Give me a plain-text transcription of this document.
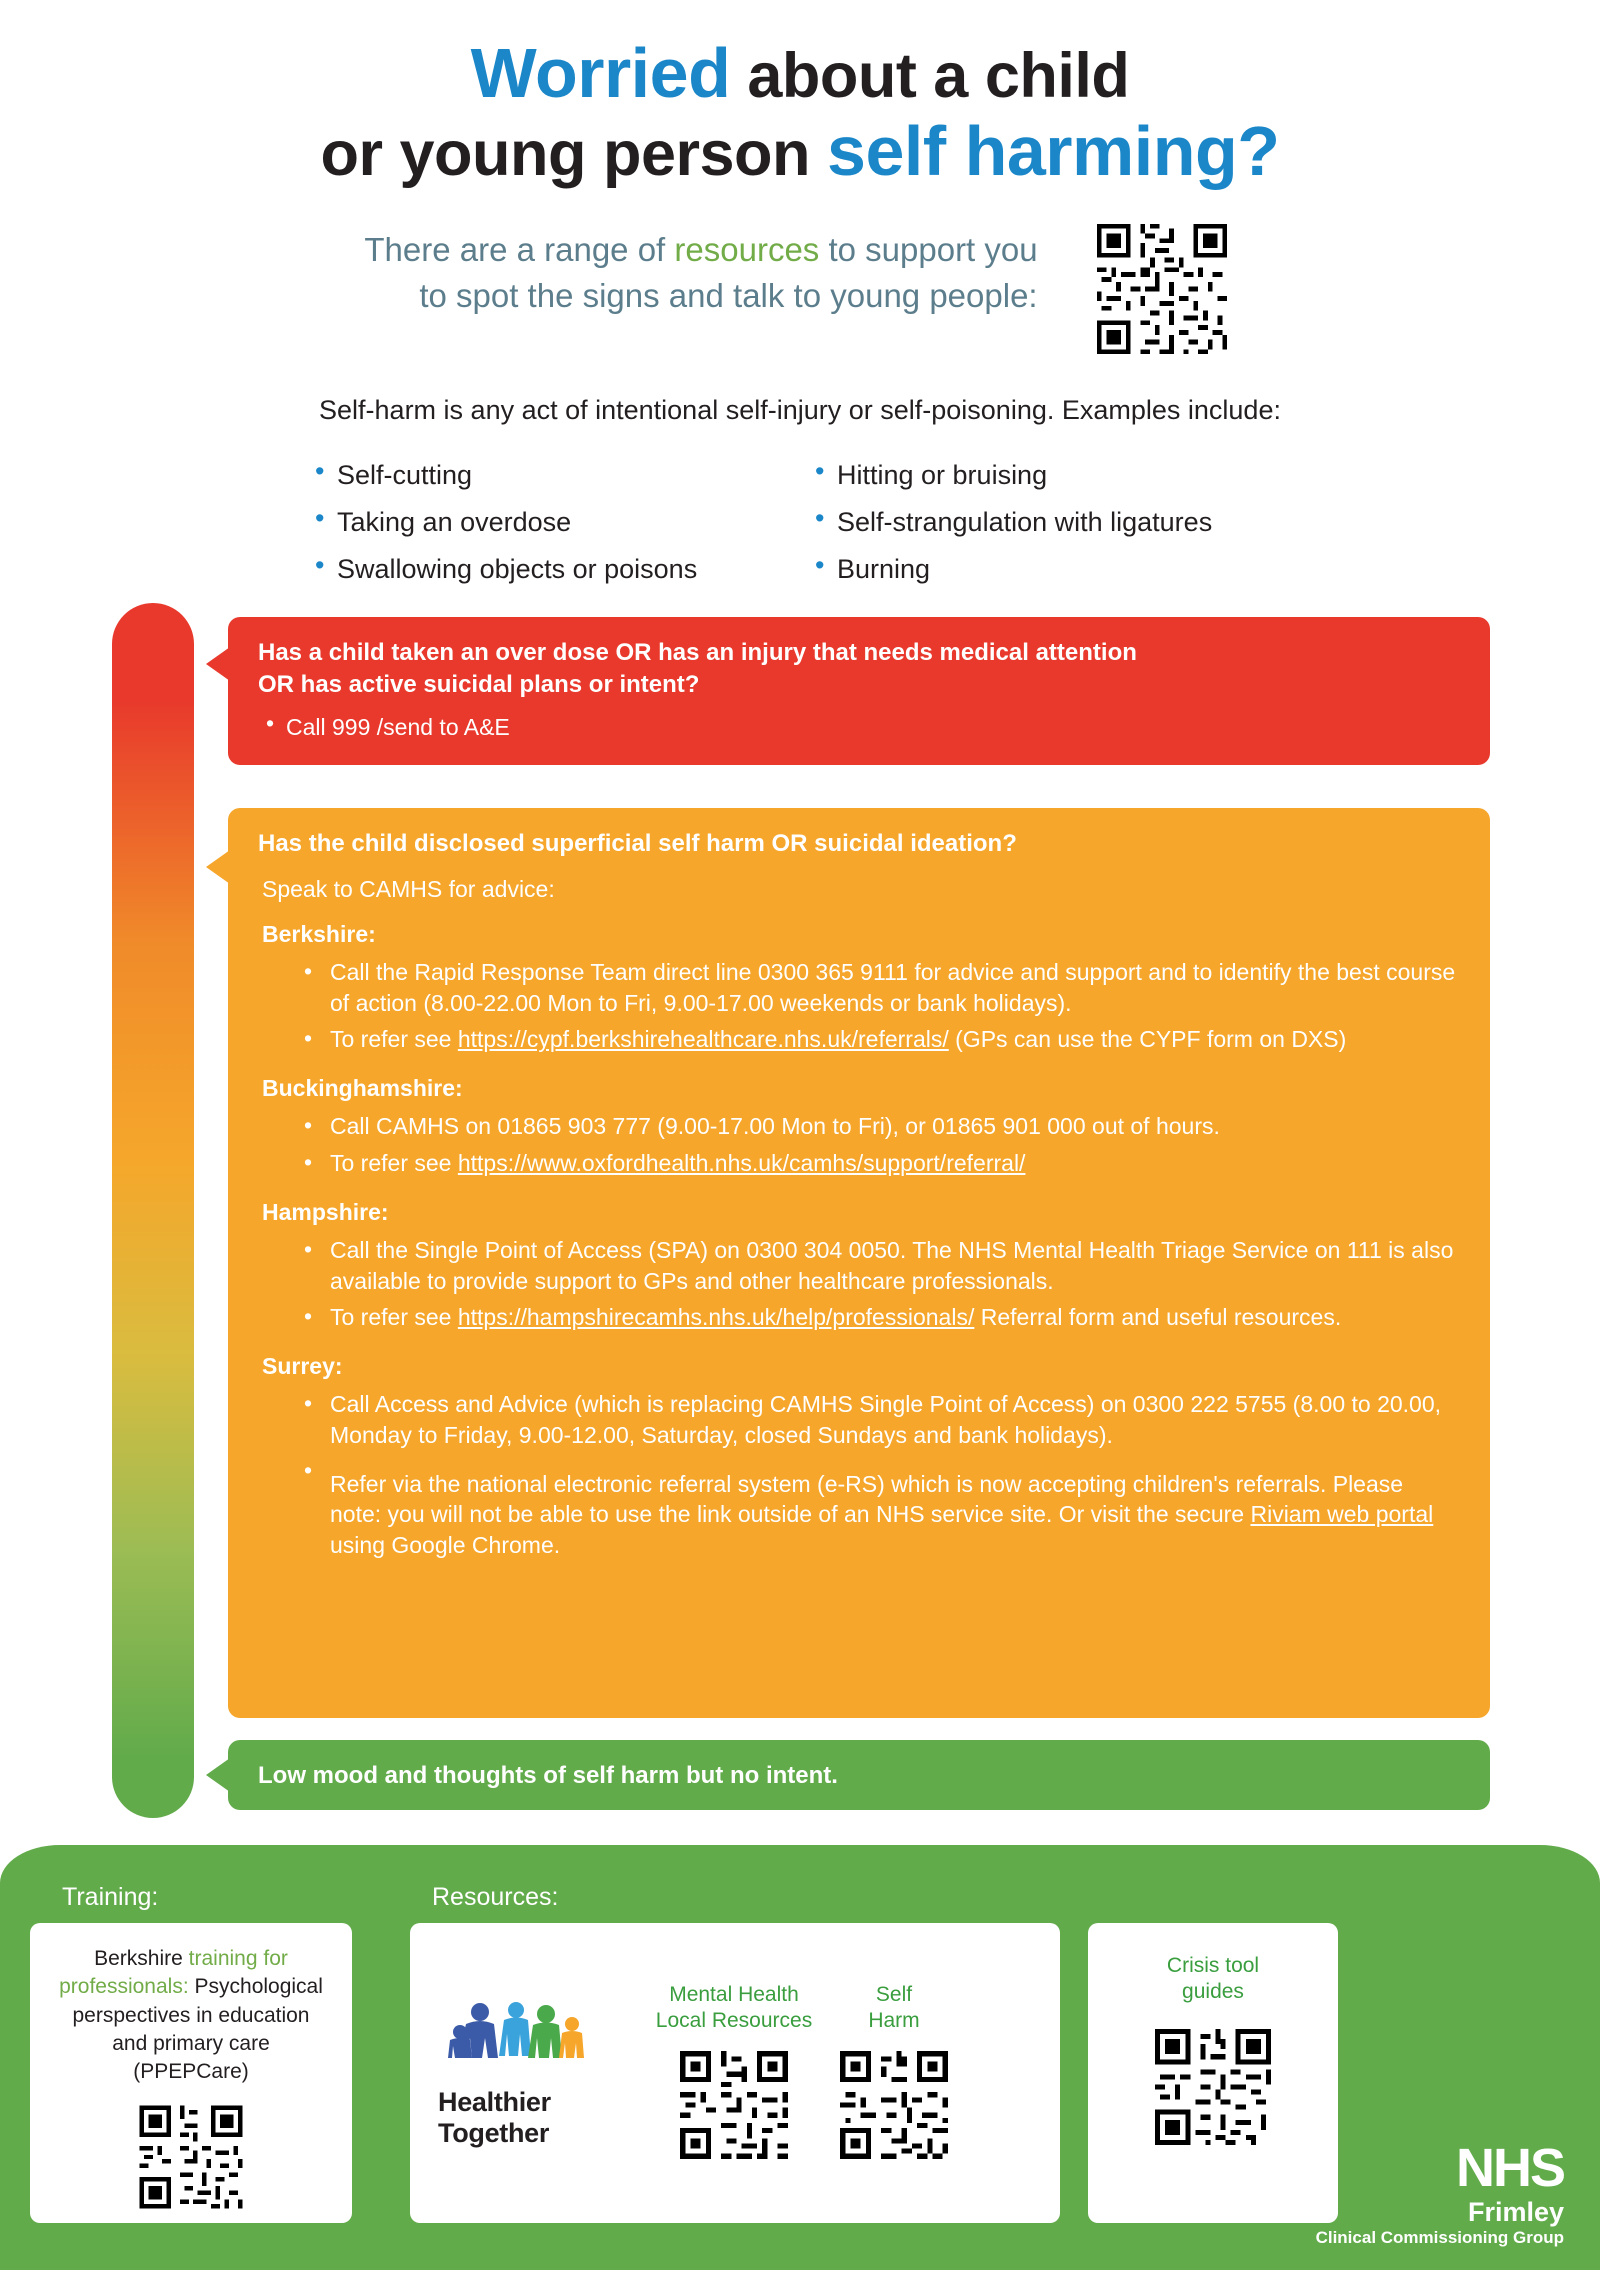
Worried about a child
or young person self harming?
There are a range of resources to support you
to spot the signs and talk to young people:
Self-harm is any act of intentional self-injury or self-poisoning. Examples include:
• Self-cutting
• Taking an overdose
• Swallowing objects or poisons
• Hitting or bruising
• Self-strangulation with ligatures
• Burning
Has a child taken an over dose OR has an injury that needs medical attention
OR has active suicidal plans or intent?
• Call 999 /send to A&E
Has the child disclosed superficial self harm OR suicidal ideation?
Speak to CAMHS for advice:
Berkshire:
• Call the Rapid Response Team direct line 0300 365 9111 for advice and support and to identify the best course of action (8.00-22.00 Mon to Fri, 9.00-17.00 weekends or bank holidays).
• To refer see https://cypf.berkshirehealthcare.nhs.uk/referrals/ (GPs can use the CYPF form on DXS)
Buckinghamshire:
• Call CAMHS on 01865 903 777 (9.00-17.00 Mon to Fri), or 01865 901 000 out of hours.
• To refer see https://www.oxfordhealth.nhs.uk/camhs/support/referral/
Hampshire:
• Call the Single Point of Access (SPA) on 0300 304 0050. The NHS Mental Health Triage Service on 111 is also available to provide support to GPs and other healthcare professionals.
• To refer see https://hampshirecamhs.nhs.uk/help/professionals/ Referral form and useful resources.
Surrey:
• Call Access and Advice (which is replacing CAMHS Single Point of Access) on 0300 222 5755 (8.00 to 20.00, Monday to Friday, 9.00-12.00, Saturday, closed Sundays and bank holidays).
• Refer via the national electronic referral system (e-RS) which is now accepting children's referrals. Please note: you will not be able to use the link outside of an NHS service site. Or visit the secure Riviam web portal using Google Chrome.
Low mood and thoughts of self harm but no intent.
Training:	Resources:
Berkshire training for professionals: Psychological perspectives in education and primary care (PPEPCare)
Healthier Together
Mental Health
Local Resources
Self
Harm
Crisis tool
guides
NHS
Frimley
Clinical Commissioning Group
